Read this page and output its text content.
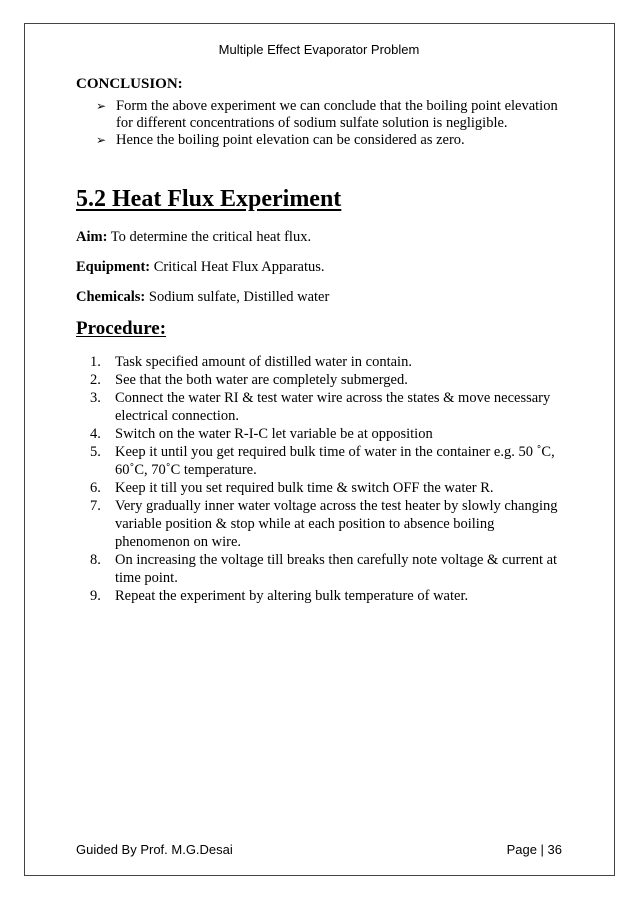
Multiple Effect Evaporator Problem
CONCLUSION:
➢ Form the above experiment we can conclude that the boiling point elevation for different concentrations of sodium sulfate solution is negligible.
➢ Hence the boiling point elevation can be considered as zero.
5.2 Heat Flux Experiment
Aim: To determine the critical heat flux.
Equipment: Critical Heat Flux Apparatus.
Chemicals: Sodium sulfate, Distilled water
Procedure:
1. Task specified amount of distilled water in contain.
2. See that the both water are completely submerged.
3. Connect the water RI & test water wire across the states & move necessary electrical connection.
4. Switch on the water R-I-C let variable be at opposition
5. Keep it until you get required bulk time of water in the container e.g. 50 ˚C, 60˚C, 70˚C temperature.
6. Keep it till you set required bulk time & switch OFF the water R.
7. Very gradually inner water voltage across the test heater by slowly changing variable position & stop while at each position to absence boiling phenomenon on wire.
8. On increasing the voltage till breaks then carefully note voltage & current at time point.
9. Repeat the experiment by altering bulk temperature of water.
Guided By Prof. M.G.Desai	Page | 36
